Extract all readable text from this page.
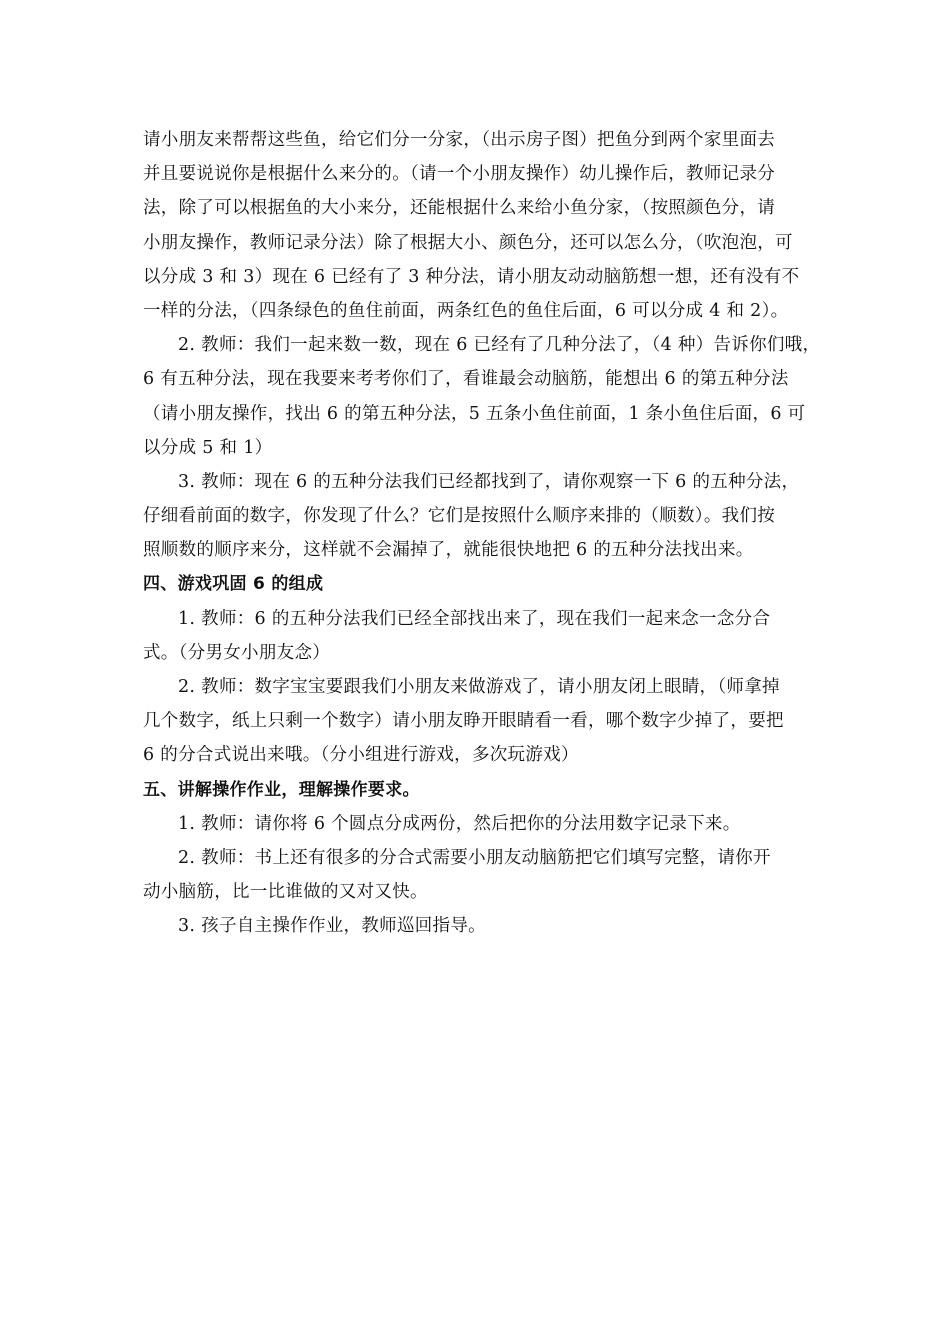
请小朋友来帮帮这些鱼，给它们分一分家，（出示房子图）把鱼分到两个家里面去
并且要说说你是根据什么来分的。（请一个小朋友操作）幼儿操作后，教师记录分
法，除了可以根据鱼的大小来分，还能根据什么来给小鱼分家，（按照颜色分，请
小朋友操作，教师记录分法）除了根据大小、颜色分，还可以怎么分，（吹泡泡，可
以分成 3 和 3）现在 6 已经有了 3 种分法，请小朋友动动脑筋想一想，还有没有不
一样的分法，（四条绿色的鱼住前面，两条红色的鱼住后面，6 可以分成 4 和 2）。
2. 教师：我们一起来数一数，现在 6 已经有了几种分法了，（4 种）告诉你们哦，
6 有五种分法，现在我要来考考你们了，看谁最会动脑筋，能想出 6 的第五种分法
（请小朋友操作，找出 6 的第五种分法，5 五条小鱼住前面，1 条小鱼住后面，6 可
以分成 5 和 1）
3. 教师：现在 6 的五种分法我们已经都找到了，请你观察一下 6 的五种分法，
仔细看前面的数字，你发现了什么？它们是按照什么顺序来排的（顺数）。我们按
照顺数的顺序来分，这样就不会漏掉了，就能很快地把 6 的五种分法找出来。
四、游戏巩固 6 的组成
1. 教师：6 的五种分法我们已经全部找出来了，现在我们一起来念一念分合
式。（分男女小朋友念）
2. 教师：数字宝宝要跟我们小朋友来做游戏了，请小朋友闭上眼睛，（师拿掉
几个数字，纸上只剩一个数字）请小朋友睁开眼睛看一看，哪个数字少掉了，要把
6 的分合式说出来哦。（分小组进行游戏，多次玩游戏）
五、讲解操作作业，理解操作要求。
1. 教师：请你将 6 个圆点分成两份，然后把你的分法用数字记录下来。
2. 教师：书上还有很多的分合式需要小朋友动脑筋把它们填写完整，请你开
动小脑筋，比一比谁做的又对又快。
3. 孩子自主操作作业，教师巡回指导。
